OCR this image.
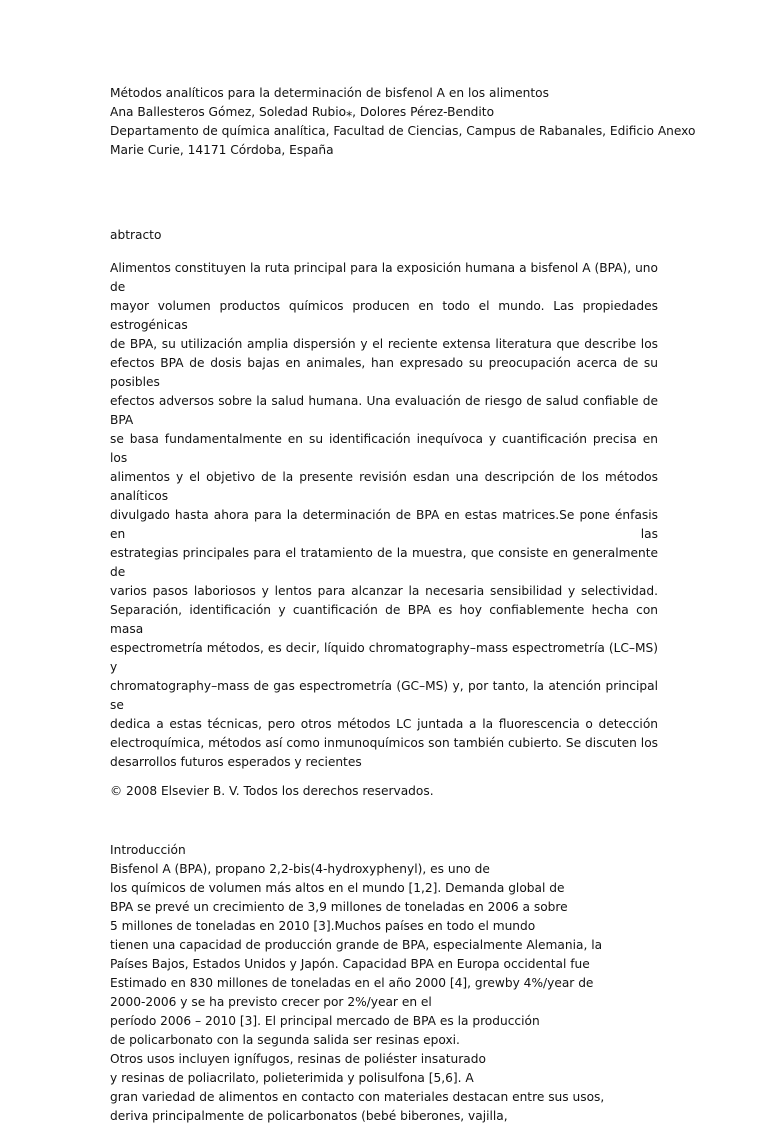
Métodos analíticos para la determinación de bisfenol A en los alimentos
Ana Ballesteros Gómez, Soledad Rubio⁎, Dolores Pérez-Bendito
Departamento de química analítica, Facultad de Ciencias, Campus de Rabanales, Edificio Anexo
Marie Curie, 14171 Córdoba, España
abtracto
Alimentos constituyen la ruta principal para la exposición humana a bisfenol A (BPA), uno de
mayor volumen productos químicos producen en todo el mundo. Las propiedades estrogénicas
de BPA, su utilización amplia dispersión y el reciente extensa literatura que describe los
efectos BPA de dosis bajas en animales, han expresado su preocupación acerca de su posibles
efectos adversos sobre la salud humana. Una evaluación de riesgo de salud confiable de BPA
se basa fundamentalmente en su identificación inequívoca y cuantificación precisa en los
alimentos y el objetivo de la presente revisión esdan una descripción de los métodos analíticos
divulgado hasta ahora para la determinación de BPA en estas matrices.Se pone énfasis en las
estrategias principales para el tratamiento de la muestra, que consiste en generalmente de
varios pasos laboriosos y lentos para alcanzar la necesaria sensibilidad y selectividad.
Separación, identificación y cuantificación de BPA es hoy confiablemente hecha con masa
espectrometría métodos, es decir, líquido chromatography–mass espectrometría (LC–MS) y
chromatography–mass de gas espectrometría (GC–MS) y, por tanto, la atención principal se
dedica a estas técnicas, pero otros métodos LC juntada a la fluorescencia o detección
electroquímica, métodos así como inmunoquímicos son también cubierto. Se discuten los
desarrollos futuros esperados y recientes
© 2008 Elsevier B. V. Todos los derechos reservados.
Introducción
Bisfenol A (BPA), propano 2,2-bis(4-hydroxyphenyl), es uno de
los químicos de volumen más altos en el mundo [1,2]. Demanda global de
BPA se prevé un crecimiento de 3,9 millones de toneladas en 2006 a sobre
5 millones de toneladas en 2010 [3].Muchos países en todo el mundo
tienen una capacidad de producción grande de BPA, especialmente Alemania, la
Países Bajos, Estados Unidos y Japón. Capacidad BPA en Europa occidental fue
Estimado en 830 millones de toneladas en el año 2000 [4], grewby 4%/year de
2000-2006 y se ha previsto crecer por 2%/year en el
período 2006 – 2010 [3]. El principal mercado de BPA es la producción
de policarbonato con la segunda salida ser resinas epoxi.
Otros usos incluyen ignífugos, resinas de poliéster insaturado
y resinas de poliacrilato, polieterimida y polisulfona [5,6]. A
gran variedad de alimentos en contacto con materiales destacan entre sus usos,
deriva principalmente de policarbonatos (bebé biberones, vajilla,
